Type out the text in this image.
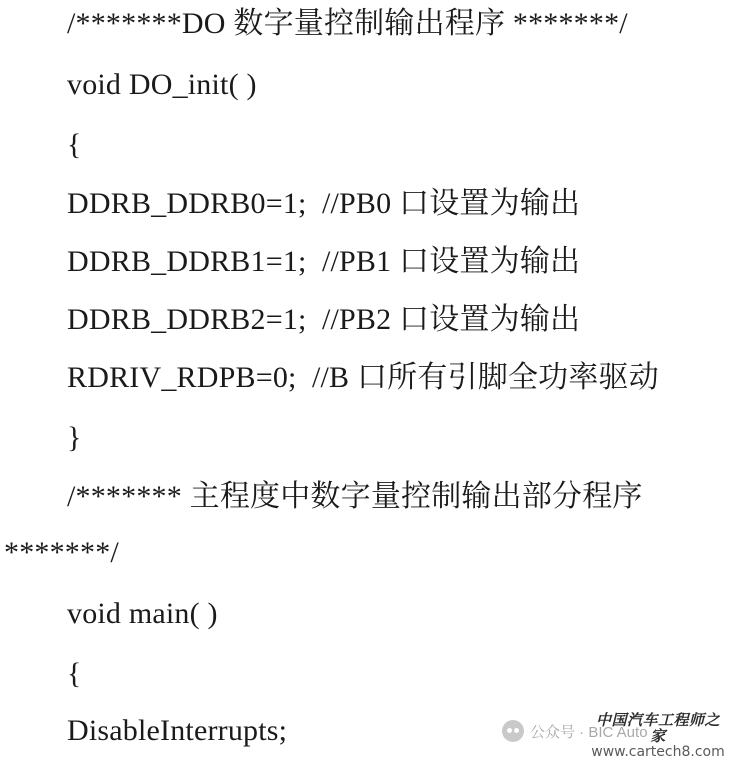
/*******DO 数字量控制输出程序 *******/
void DO_init( )
{
DDRB_DDRB0=1;  //PB0 口设置为输出
DDRB_DDRB1=1;  //PB1 口设置为输出
DDRB_DDRB2=1;  //PB2 口设置为输出
RDRIV_RDPB=0;  //B 口所有引脚全功率驱动
}
/******* 主程度中数字量控制输出部分程序
*******/
void main( )
{
DisableInterrupts;	公众号 · BIC Auto
中国汽车工程师之家
www.cartech8.com
